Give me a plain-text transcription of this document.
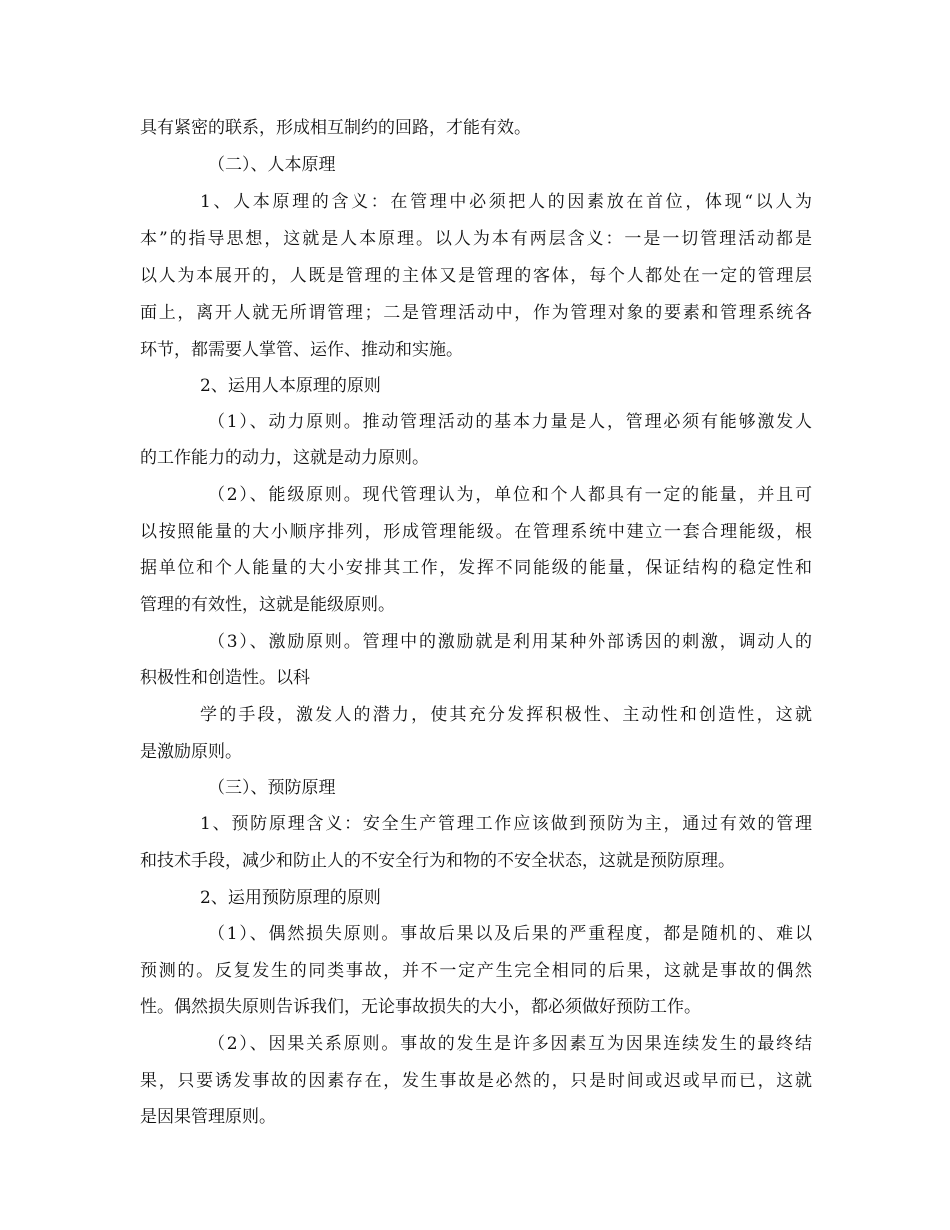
具有紧密的联系，形成相互制约的回路，才能有效。
（二）、人本原理
1、人本原理的含义：在管理中必须把人的因素放在首位，体现“以人为
本”的指导思想，这就是人本原理。以人为本有两层含义：一是一切管理活动都是
以人为本展开的，人既是管理的主体又是管理的客体，每个人都处在一定的管理层
面上，离开人就无所谓管理；二是管理活动中，作为管理对象的要素和管理系统各
环节，都需要人掌管、运作、推动和实施。
2、运用人本原理的原则
（1）、动力原则。推动管理活动的基本力量是人，管理必须有能够激发人
的工作能力的动力，这就是动力原则。
（2）、能级原则。现代管理认为，单位和个人都具有一定的能量，并且可
以按照能量的大小顺序排列，形成管理能级。在管理系统中建立一套合理能级，根
据单位和个人能量的大小安排其工作，发挥不同能级的能量，保证结构的稳定性和
管理的有效性，这就是能级原则。
（3）、激励原则。管理中的激励就是利用某种外部诱因的刺激，调动人的
积极性和创造性。以科
学的手段，激发人的潜力，使其充分发挥积极性、主动性和创造性，这就
是激励原则。
（三）、预防原理
1、预防原理含义：安全生产管理工作应该做到预防为主，通过有效的管理
和技术手段，减少和防止人的不安全行为和物的不安全状态，这就是预防原理。
2、运用预防原理的原则
（1）、偶然损失原则。事故后果以及后果的严重程度，都是随机的、难以
预测的。反复发生的同类事故，并不一定产生完全相同的后果，这就是事故的偶然
性。偶然损失原则告诉我们，无论事故损失的大小，都必须做好预防工作。
（2）、因果关系原则。事故的发生是许多因素互为因果连续发生的最终结
果，只要诱发事故的因素存在，发生事故是必然的，只是时间或迟或早而已，这就
是因果管理原则。
